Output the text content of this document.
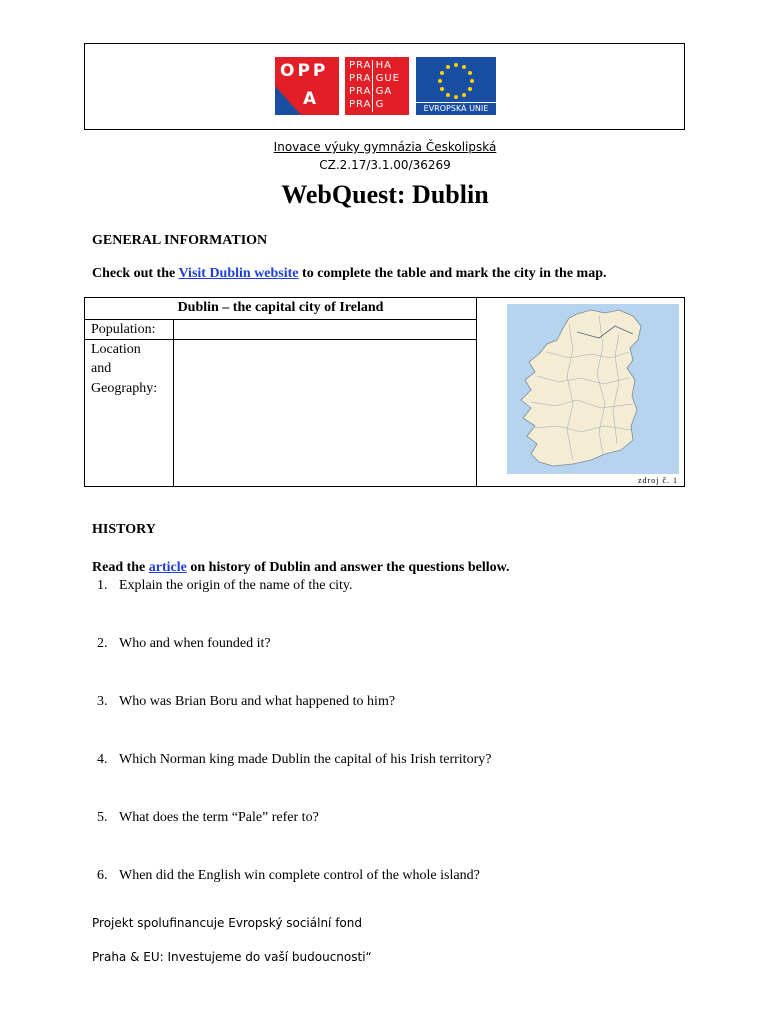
OPP
A
PRA HA
PRA GUE
PRA GA
PRA G	EVROPSKÁ UNIE
Inovace výuky gymnázia Českolipská
CZ.2.17/3.1.00/36269
WebQuest: Dublin
GENERAL INFORMATION
Check out the Visit Dublin website to complete the table and mark the city in the map.
Dublin – the capital city of Ireland
Population:
Location
and
Geography:
zdroj č. 1
HISTORY
Read the article on history of Dublin and answer the questions bellow.
1. Explain the origin of the name of the city.
2. Who and when founded it?
3. Who was Brian Boru and what happened to him?
4. Which Norman king made Dublin the capital of his Irish territory?
5. What does the term “Pale” refer to?
6. When did the English win complete control of the whole island?
Projekt spolufinancuje Evropský sociální fond
Praha & EU: Investujeme do vaší budoucnosti“
